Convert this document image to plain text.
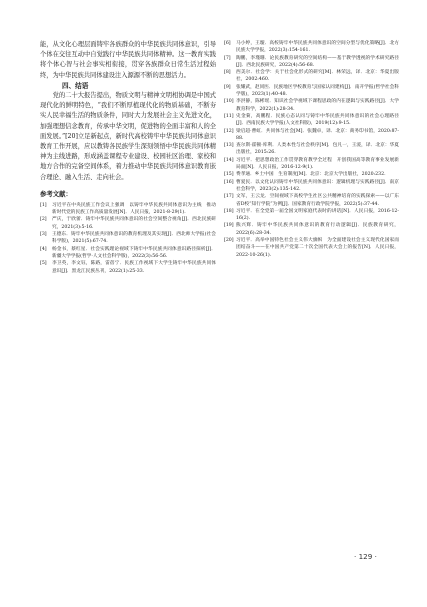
能，从文化心理层面铸牢各族群众的中华民族共同体意识，引导个体在交往互动中自觉践行中华民族共同体精神。这一教育实践将个体心智与社会事实相衔接，贯穿各族群众日常生活过程始终，为中华民族共同体建设注入源源不断的思想活力。

四、结语

党的二十大报告提出，物质文明与精神文明相协调是中国式现代化的鲜明特色，“我们不断厚植现代化的物质基础，不断夯实人民幸福生活的物质条件，同时大力发展社会主义先进文化，加强理想信念教育，传承中华文明，促进物的全面丰富和人的全面发展。”[20]立足新起点，新时代高校铸牢中华民族共同体意识教育工作开展，应以教铸各民族学生深刻领悟中华民族共同体精神为主线进路，形成涵盖课程专业建设、校园社区治理、家校和地方合作的完备空间体系，着力推动中华民族共同体意识教育嵌合理论、融入生活、走向社会。

参考文献：

[1]	习近平在中央民族工作会议上强调　以铸牢中华民族共同体意识为主线　推动新时代党的民族工作高质量发展[N]．人民日报，2021-8-29(1).
[2]	严庆，于欣蕾．铸牢中华民族共同体意识的社会空间整合视角[J]．西北民族研究，2021(3):5-16.
[3]	王德东．铸牢中华民族共同体意识的教育机理及其实现[J]．西北师大学报(社会科学版)，2021(5):67-74.
[4]	杨金书，蔡红星．社会实践理论视域下铸牢中华民族共同体意识路径探析[J]．新疆大学学报(哲学·人文社会科学版)，2022(3):56-56.
[5]	李卫英，李文钰，陈路，雷蓓宁．民族工作视域下大学生铸牢中华民族共同体意识[J]．黑龙江民族丛刊，2022(1):25-33.
[6]	马小婷，王璇．高校铸牢中华民族共同体意识的空间分型与优化策略[J]．北方民族大学学报，2022(3):154-161.
[7]	陶鹏，李瑾珊．论民族教育研究的空间结构——基于教学透视的学术研究路径[J]．西北民族研究，2022(4):56-68.
[8]	西美尔．社会学：关于社会化形式的研究[M]．林荣远，译．北京：华夏出版社，2002:460.
[9]	张耀武，赵同医．民族地区学校教育与国家认同建构[J]．南开学报(哲学社会科学版)，2023(1):40-48.
[10] 李洪静，陈彬瑶．知识社会学视域下课程思政的内在逻辑与实践路径[J]．大学教育科学，2022(1):28-34.
[11] 史金菊，高鹏程．民族心态认同与铸牢中华民族共同体意识的社会心理路径[J]．西南民族大学学报(人文社科版)，2019(12):9-15.
[12] 梁启超·曹虹．共同体与社会[M]．张魏卓，译．北京：商务印书馆，2020:87-88.
[13] 查尔斯·霍顿·库利．人类本性与社会秩序[M]．包凡一，王湲，译．北京：华夏出版社，2015:26.
[14] 习近平．把思想政治工作贯穿教育教学全过程　开创我国高等教育事业发展新局面[N]．人民日报，2016-12-9(1).
[15] 费孝通．乡土中国　生育制度[M]．北京：北京大学出版社，2020:232.
[16] 曹爱民．以文化认同铸牢中华民族共同体意识：逻辑机理与实践路径[J]．南京社会科学，2023(2):135-142.
[17] 文军，王云龙．空间视域下高校学生社区公共精神培育的实践探索——以广东省D校“知行学院”为例[J]．国家教育行政学院学报，2022(5):37-44.
[18] 习近平．在全党第一届全国文明家庭代表时的讲话[N]．人民日报，2016-12-16(2).
[19] 熊兴辉．铸牢中华民族共同体意识的教育行动逻辑[J]．民族教育研究，2022(6):28-34.
[20] 习近平．高举中国特色社会主义伟大旗帜　为全面建设社会主义现代化国家而团结奋斗——在中国共产党第二十次全国代表大会上的报告[N]．人民日报，2022-10-26(1).
· 129 ·
